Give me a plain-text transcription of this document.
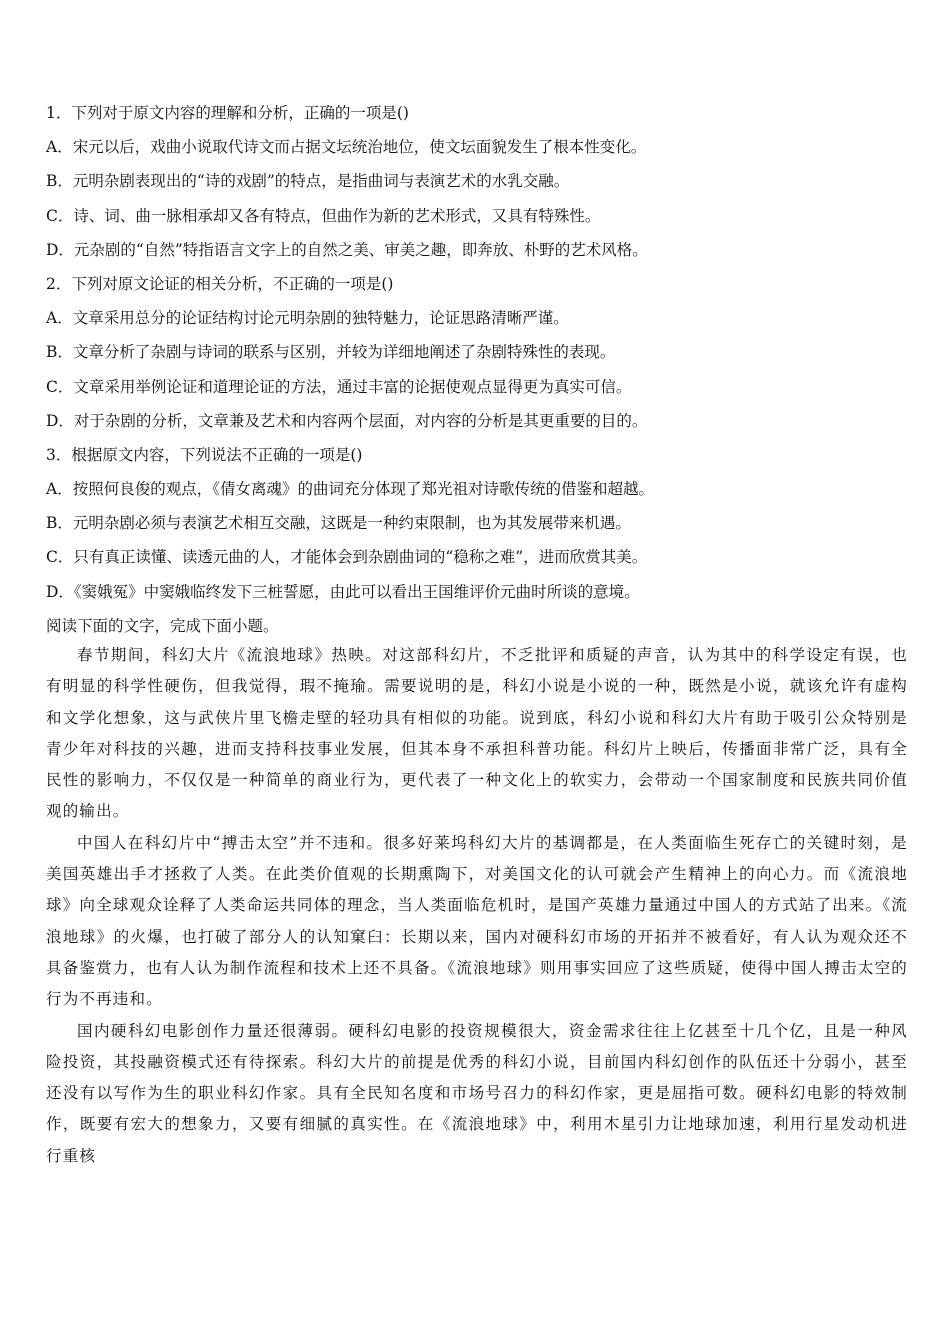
1．下列对于原文内容的理解和分析，正确的一项是()
A．宋元以后，戏曲小说取代诗文而占据文坛统治地位，使文坛面貌发生了根本性变化。
B．元明杂剧表现出的“诗的戏剧”的特点，是指曲词与表演艺术的水乳交融。
C．诗、词、曲一脉相承却又各有特点，但曲作为新的艺术形式，又具有特殊性。
D．元杂剧的“自然”特指语言文字上的自然之美、审美之趣，即奔放、朴野的艺术风格。
2．下列对原文论证的相关分析，不正确的一项是()
A．文章采用总分的论证结构讨论元明杂剧的独特魅力，论证思路清晰严谨。
B．文章分析了杂剧与诗词的联系与区别，并较为详细地阐述了杂剧特殊性的表现。
C．文章采用举例论证和道理论证的方法，通过丰富的论据使观点显得更为真实可信。
D．对于杂剧的分析，文章兼及艺术和内容两个层面，对内容的分析是其更重要的目的。
3．根据原文内容，下列说法不正确的一项是()
A．按照何良俊的观点，《倩女离魂》的曲词充分体现了郑光祖对诗歌传统的借鉴和超越。
B．元明杂剧必须与表演艺术相互交融，这既是一种约束限制，也为其发展带来机遇。
C．只有真正读懂、读透元曲的人，才能体会到杂剧曲词的“稳称之难”，进而欣赏其美。
D．《窦娥冤》中窦娥临终发下三桩誓愿，由此可以看出王国维评价元曲时所谈的意境。
阅读下面的文字，完成下面小题。

春节期间，科幻大片《流浪地球》热映。对这部科幻片，不乏批评和质疑的声音，认为其中的科学设定有误，也有明显的科学性硬伤，但我觉得，瑕不掩瑜。需要说明的是，科幻小说是小说的一种，既然是小说，就该允许有虚构和文学化想象，这与武侠片里飞檐走壁的轻功具有相似的功能。说到底，科幻小说和科幻大片有助于吸引公众特别是青少年对科技的兴趣，进而支持科技事业发展，但其本身不承担科普功能。科幻片上映后，传播面非常广泛，具有全民性的影响力，不仅仅是一种简单的商业行为，更代表了一种文化上的软实力，会带动一个国家制度和民族共同价值观的输出。

中国人在科幻片中“搏击太空”并不违和。很多好莱坞科幻大片的基调都是，在人类面临生死存亡的关键时刻，是美国英雄出手才拯救了人类。在此类价值观的长期熏陶下，对美国文化的认可就会产生精神上的向心力。而《流浪地球》向全球观众诠释了人类命运共同体的理念，当人类面临危机时，是国产英雄力量通过中国人的方式站了出来。《流浪地球》的火爆，也打破了部分人的认知窠臼：长期以来，国内对硬科幻市场的开拓并不被看好，有人认为观众还不具备鉴赏力，也有人认为制作流程和技术上还不具备。《流浪地球》则用事实回应了这些质疑，使得中国人搏击太空的行为不再违和。

国内硬科幻电影创作力量还很薄弱。硬科幻电影的投资规模很大，资金需求往往上亿甚至十几个亿，且是一种风险投资，其投融资模式还有待探索。科幻大片的前提是优秀的科幻小说，目前国内科幻创作的队伍还十分弱小，甚至还没有以写作为生的职业科幻作家。具有全民知名度和市场号召力的科幻作家，更是屈指可数。硬科幻电影的特效制作，既要有宏大的想象力，又要有细腻的真实性。在《流浪地球》中，利用木星引力让地球加速，利用行星发动机进行重核
